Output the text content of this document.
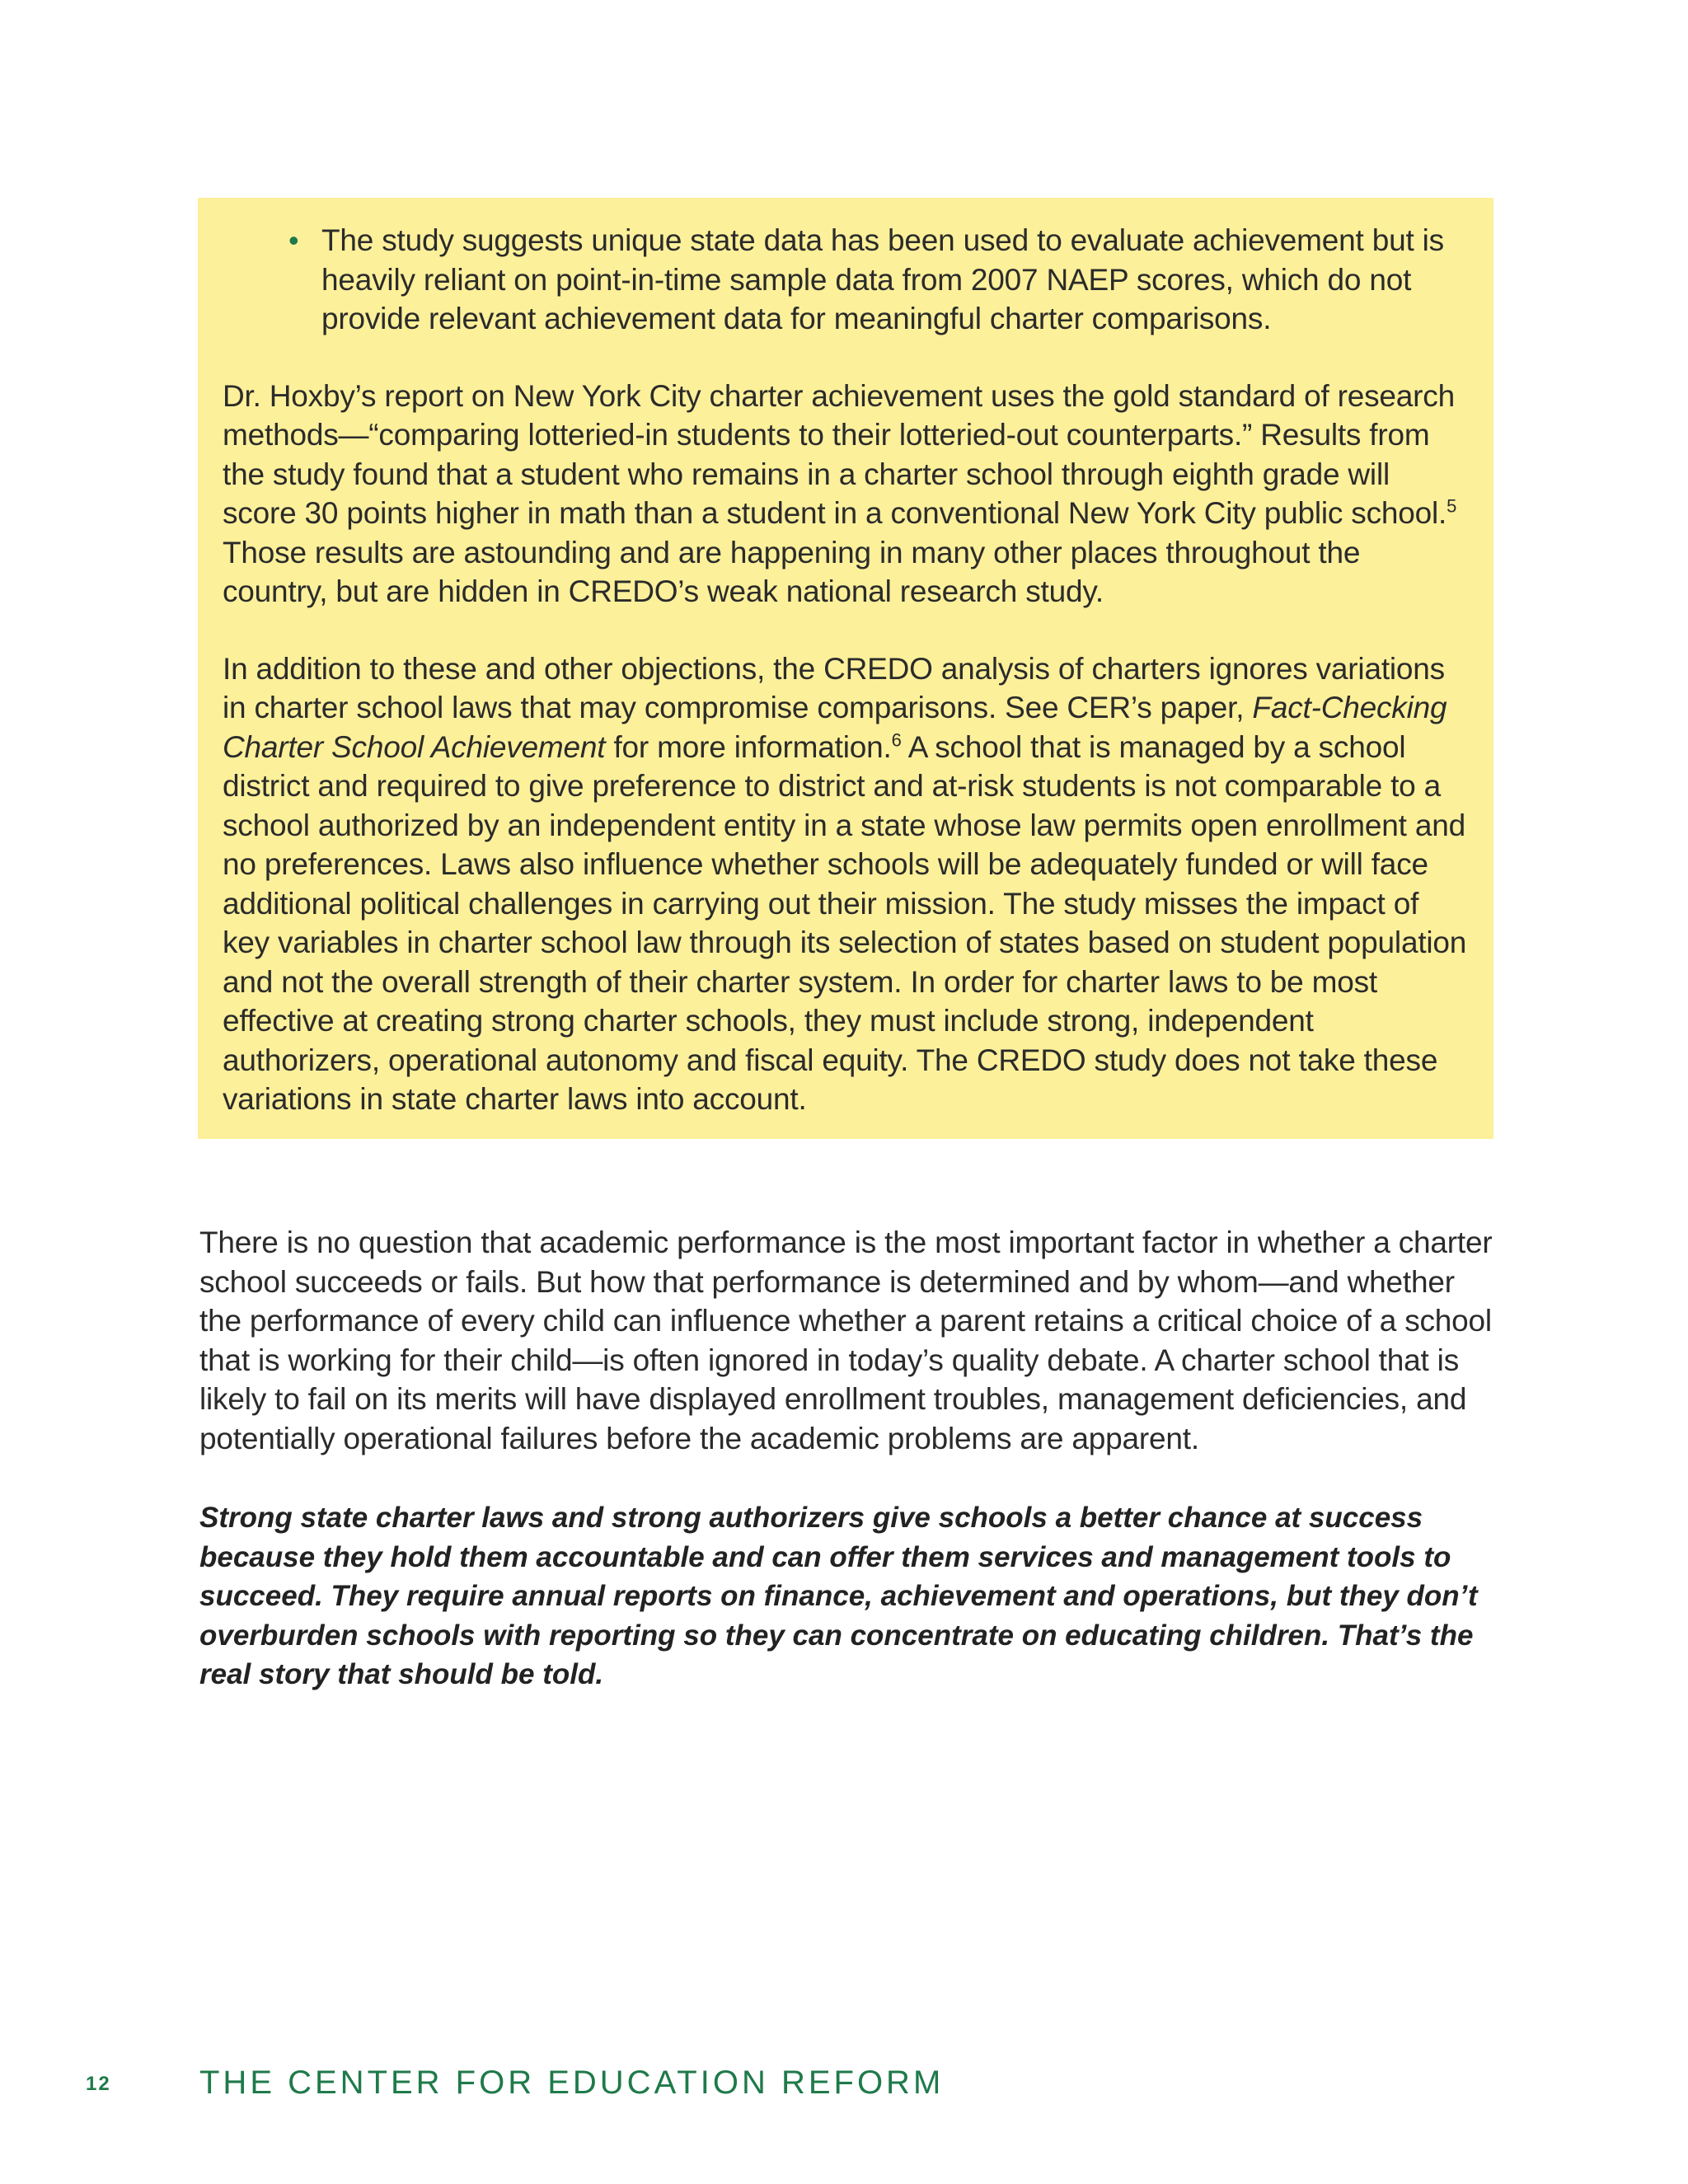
• The study suggests unique state data has been used to evaluate achievement but is heavily reliant on point-in-time sample data from 2007 NAEP scores, which do not provide relevant achievement data for meaningful charter comparisons.

Dr. Hoxby’s report on New York City charter achievement uses the gold standard of research methods—“comparing lotteried-in students to their lotteried-out counterparts.” Results from the study found that a student who remains in a charter school through eighth grade will score 30 points higher in math than a student in a conventional New York City public school.$^5$ Those results are astounding and are happening in many other places throughout the country, but are hidden in CREDO’s weak national research study.

In addition to these and other objections, the CREDO analysis of charters ignores variations in charter school laws that may compromise comparisons. See CER’s paper, Fact-Checking Charter School Achievement for more information.$^6$ A school that is managed by a school district and required to give preference to district and at-risk students is not comparable to a school authorized by an independent entity in a state whose law permits open enrollment and no preferences. Laws also influence whether schools will be adequately funded or will face additional political challenges in carrying out their mission. The study misses the impact of key variables in charter school law through its selection of states based on student population and not the overall strength of their charter system. In order for charter laws to be most effective at creating strong charter schools, they must include strong, independent authorizers, operational autonomy and fiscal equity. The CREDO study does not take these variations in state charter laws into account.

There is no question that academic performance is the most important factor in whether a charter school succeeds or fails. But how that performance is determined and by whom—and whether the performance of every child can influence whether a parent retains a critical choice of a school that is working for their child—is often ignored in today’s quality debate. A charter school that is likely to fail on its merits will have displayed enrollment troubles, management deficiencies, and potentially operational failures before the academic problems are apparent.

Strong state charter laws and strong authorizers give schools a better chance at success because they hold them accountable and can offer them services and management tools to succeed. They require annual reports on finance, achievement and operations, but they don’t overburden schools with reporting so they can concentrate on educating children. That’s the real story that should be told.

12	THE CENTER FOR EDUCATION REFORM
